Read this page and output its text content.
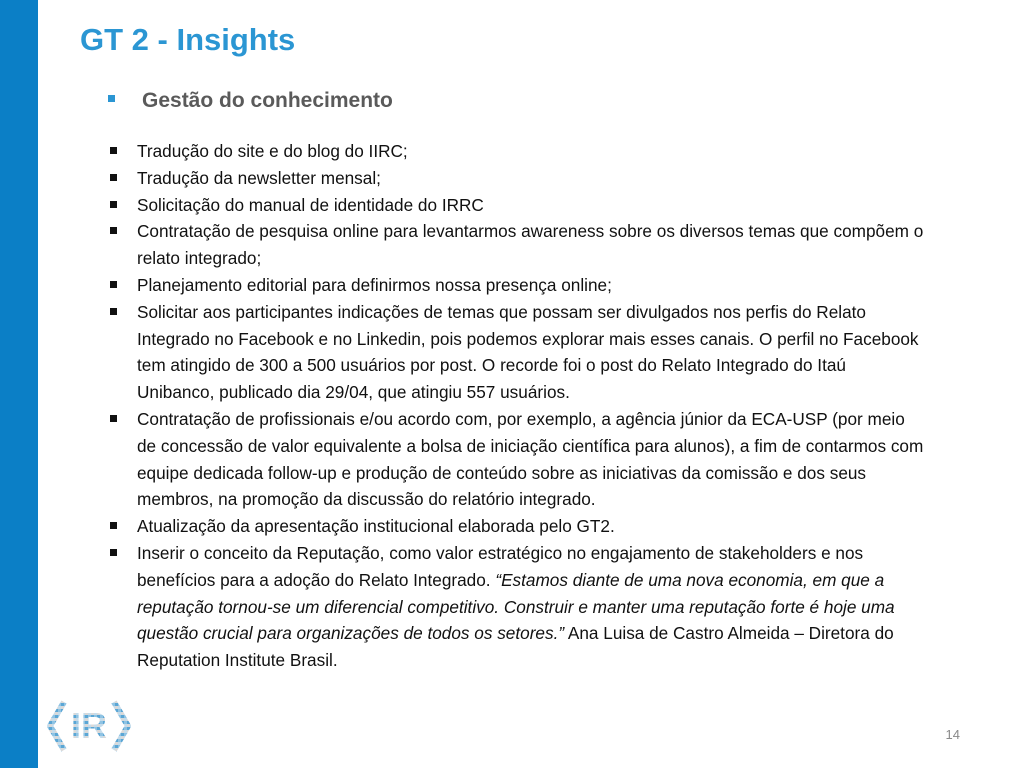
GT 2 - Insights
Gestão do conhecimento
Tradução do site e do blog do IIRC;
Tradução da newsletter mensal;
Solicitação do manual de identidade do IRRC
Contratação de pesquisa online para levantarmos awareness sobre os diversos temas que compõem o relato integrado;
Planejamento editorial para definirmos nossa presença online;
Solicitar aos participantes indicações de temas que possam ser divulgados nos perfis do Relato Integrado no Facebook e no Linkedin, pois podemos explorar mais esses canais. O perfil no Facebook tem atingido de 300 a 500 usuários por post. O recorde foi o post do Relato Integrado do Itaú Unibanco, publicado dia 29/04, que atingiu 557 usuários.
Contratação de profissionais e/ou acordo com, por exemplo, a agência júnior da ECA-USP (por meio de concessão de valor equivalente a bolsa de iniciação científica para alunos), a fim de contarmos com equipe dedicada follow-up e produção de conteúdo sobre as iniciativas da comissão e dos seus membros, na promoção da discussão do relatório integrado.
Atualização da apresentação institucional elaborada pelo GT2.
Inserir o conceito da Reputação, como valor estratégico no engajamento de stakeholders e nos benefícios para a adoção do Relato Integrado. “Estamos diante de uma nova economia, em que a reputação tornou-se um diferencial competitivo. Construir e manter uma reputação forte é hoje uma questão crucial para organizações de todos os setores.” Ana Luisa de Castro Almeida – Diretora do Reputation Institute Brasil.
IR	14
